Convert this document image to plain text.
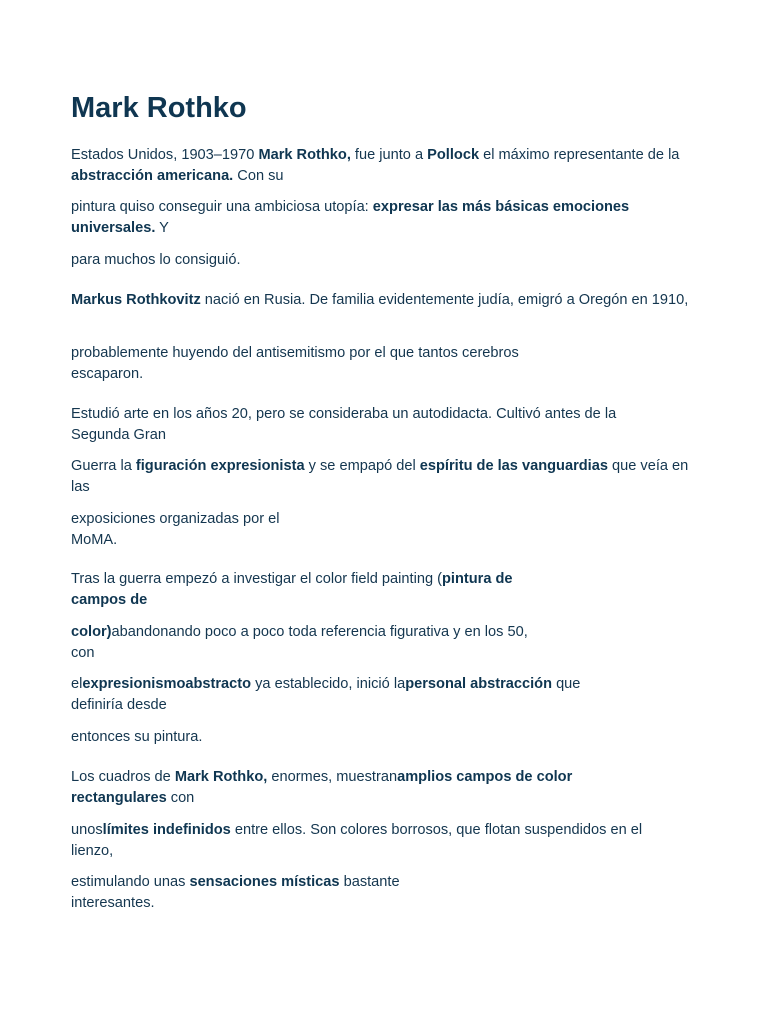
Mark Rothko

Estados Unidos, 1903–1970 Mark Rothko, fue junto a Pollock el máximo representante de la abstracción americana. Con su

pintura quiso conseguir una ambiciosa utopía: expresar las más básicas emociones universales. Y

para muchos lo consiguió.

Markus Rothkovitz nació en Rusia. De familia evidentemente judía, emigró a Oregón en 1910,

probablemente huyendo del antisemitismo por el que tantos cerebros escaparon.

Estudió arte en los años 20, pero se consideraba un autodidacta. Cultivó antes de la Segunda Gran

Guerra la figuración expresionista y se empapó del espíritu de las vanguardias que veía en las

exposiciones organizadas por el MoMA.

Tras la guerra empezó a investigar el color field painting (pintura de campos de

color)abandonando poco a poco toda referencia figurativa y en los 50, con

elexpresionismoabstracto ya establecido, inició lapersonal abstracción que definiría desde

entonces su pintura.

Los cuadros de Mark Rothko, enormes, muestranamplios campos de color rectangulares con

unoslímites indefinidos entre ellos. Son colores borrosos, que flotan suspendidos en el lienzo,

estimulando unas sensaciones místicas bastante interesantes.
